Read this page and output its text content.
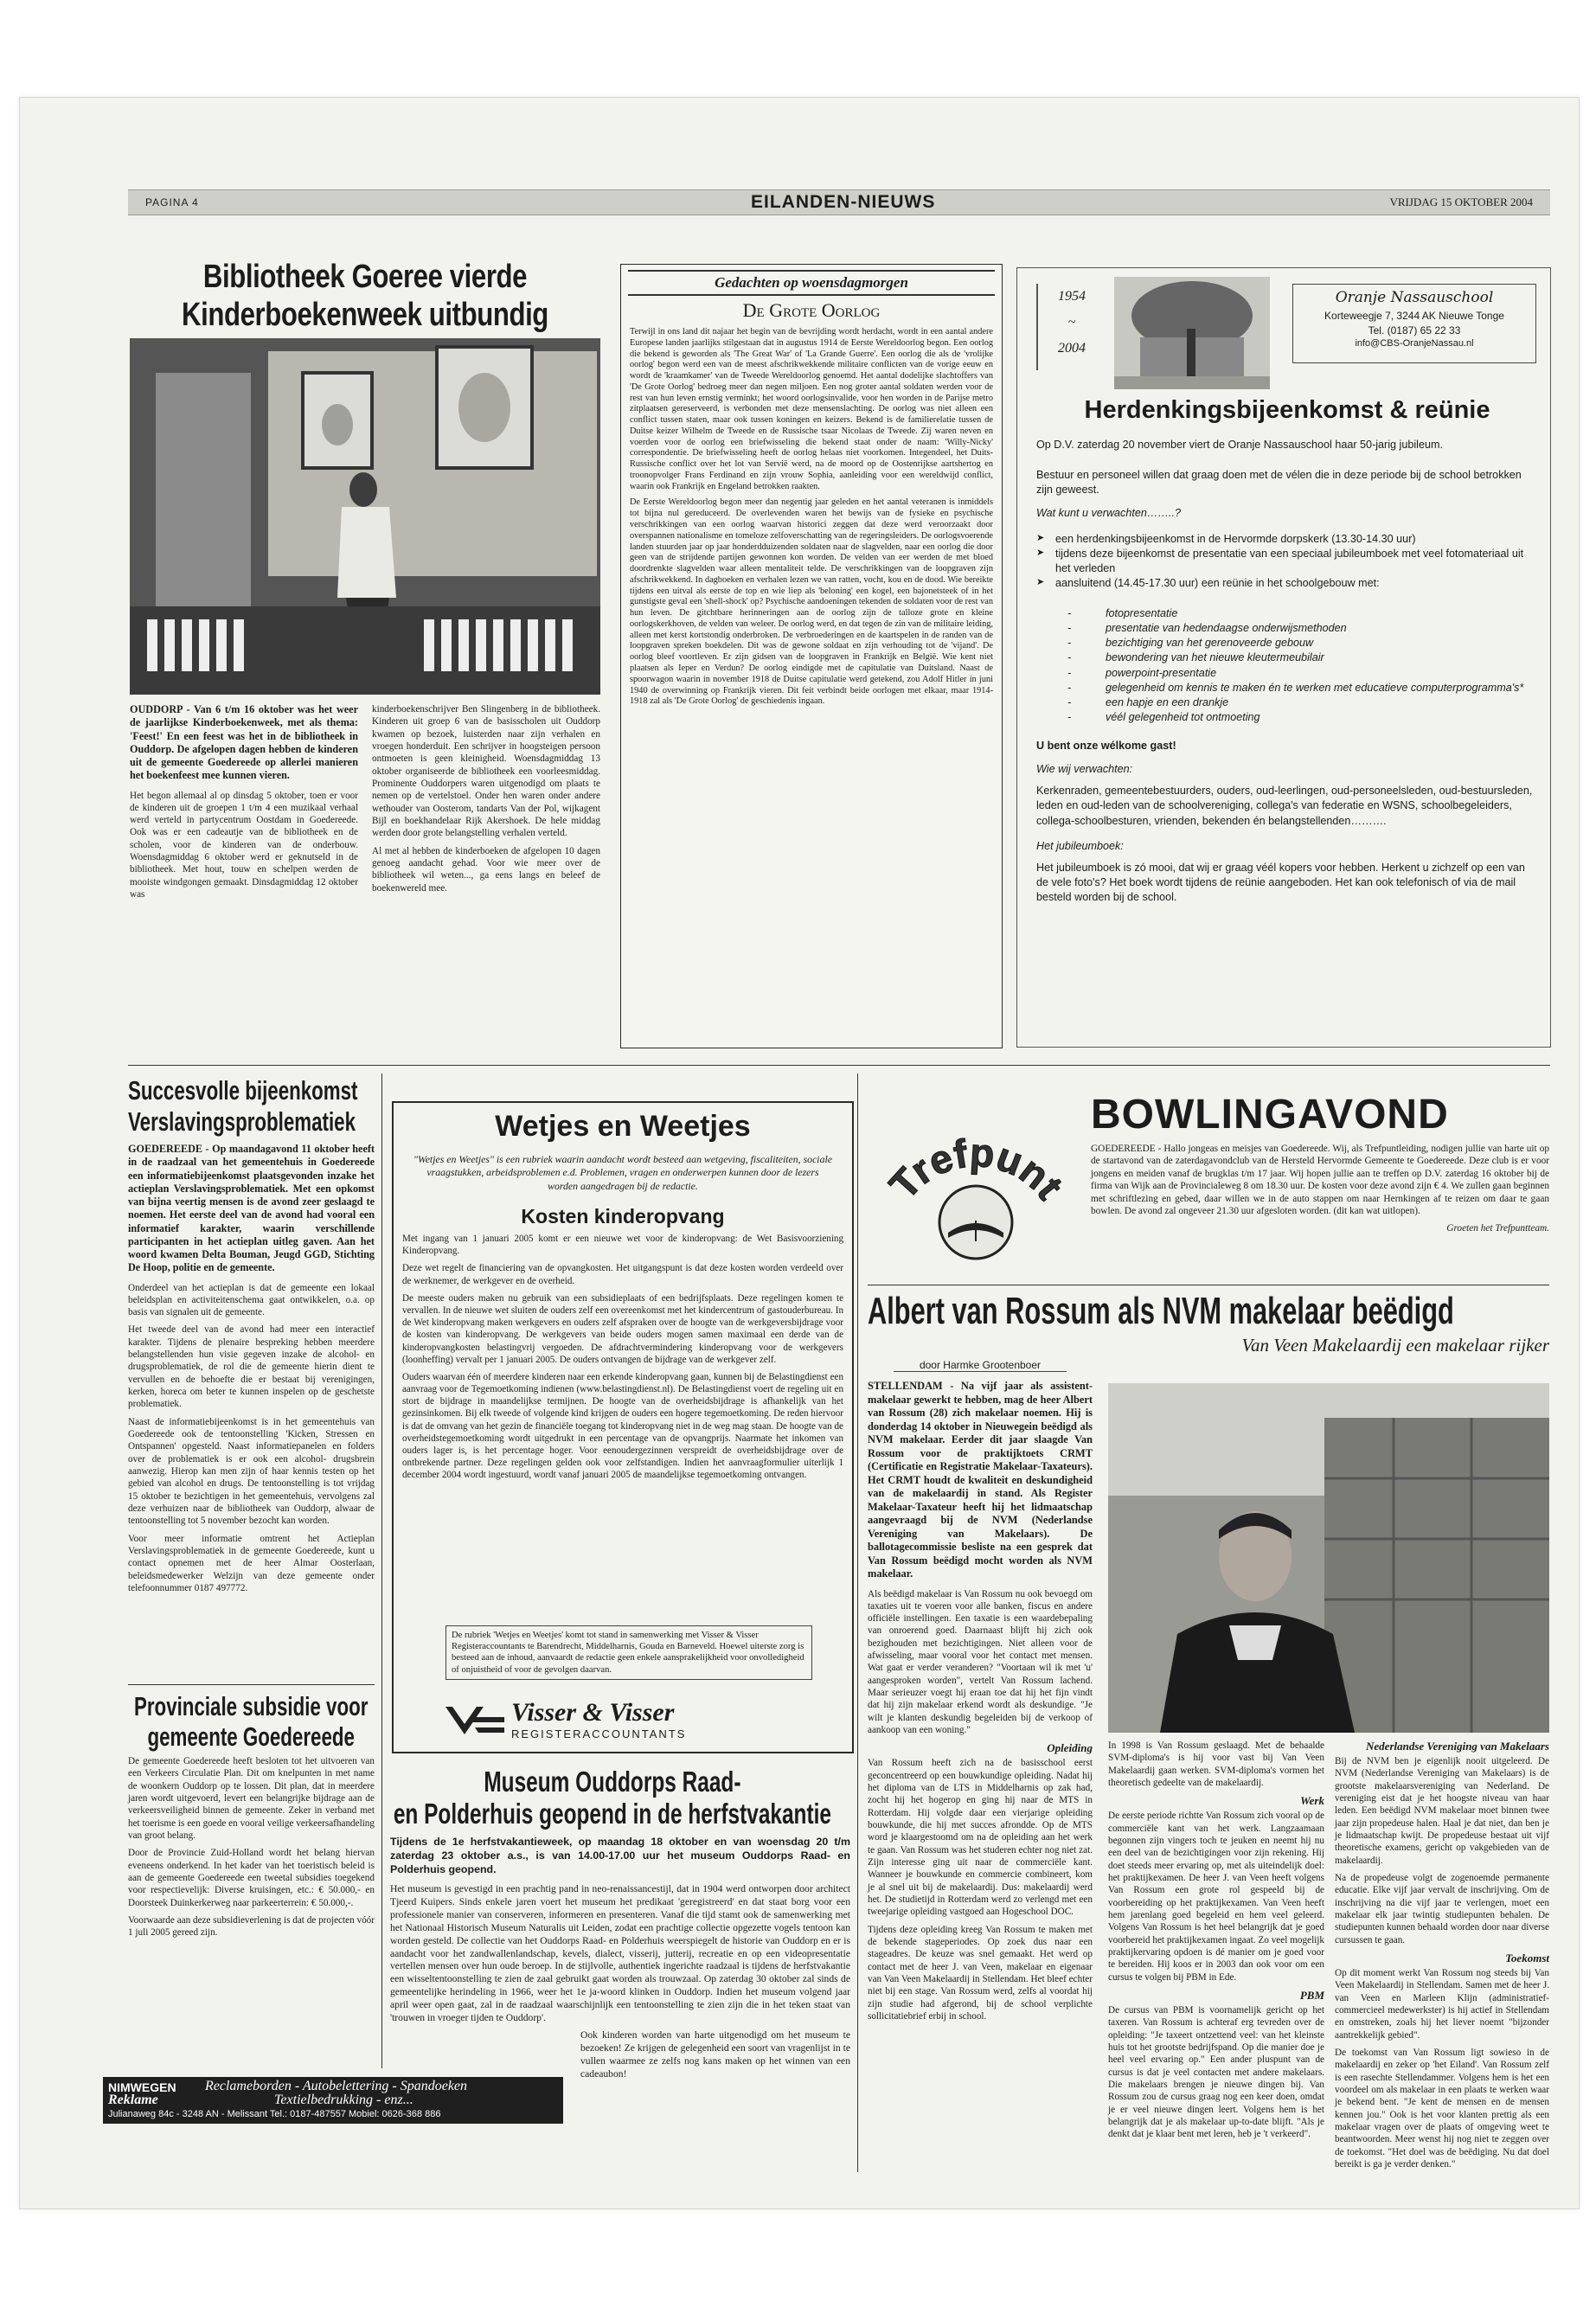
PAGINA 4	EILANDEN-NIEUWS	VRIJDAG 15 OKTOBER 2004
Bibliotheek Goeree vierde
Kinderboekenweek uitbundig

OUDDORP - Van 6 t/m 16 oktober was het weer de jaarlijkse Kinderboekenweek, met als thema: 'Feest!' En een feest was het in de bibliotheek in Ouddorp. De afgelopen dagen hebben de kinderen uit de gemeente Goedereede op allerlei manieren het boekenfeest mee kunnen vieren.

Het begon allemaal al op dinsdag 5 oktober, toen er voor de kinderen uit de groepen 1 t/m 4 een muzikaal verhaal werd verteld in partycentrum Oostdam in Goedereede. Ook was er een cadeautje van de bibliotheek en de scholen, voor de kinderen van de onderbouw. Woensdagmiddag 6 oktober werd er geknutseld in de bibliotheek. Met hout, touw en schelpen werden de mooiste windgongen gemaakt. Dinsdagmiddag 12 oktober was

kinderboekenschrijver Ben Slingenberg in de bibliotheek. Kinderen uit groep 6 van de basisscholen uit Ouddorp kwamen op bezoek, luisterden naar zijn verhalen en vroegen honderduit. Een schrijver in hoogsteigen persoon ontmoeten is geen kleinigheid. Woensdagmiddag 13 oktober organiseerde de bibliotheek een voorleesmiddag. Prominente Ouddorpers waren uitgenodigd om plaats te nemen op de vertelstoel. Onder hen waren onder andere wethouder van Oosterom, tandarts Van der Pol, wijkagent Bijl en boekhandelaar Rijk Akershoek. De hele middag werden door grote belangstelling verhalen verteld.

Al met al hebben de kinderboeken de afgelopen 10 dagen genoeg aandacht gehad. Voor wie meer over de bibliotheek wil weten..., ga eens langs en beleef de boekenwereld mee.

Gedachten op woensdagmorgen
De Grote Oorlog

Terwijl in ons land dit najaar het begin van de bevrijding wordt herdacht, wordt in een aantal andere Europese landen jaarlijks stilgestaan dat in augustus 1914 de Eerste Wereldoorlog begon. Een oorlog die bekend is geworden als 'The Great War' of 'La Grande Guerre'. Een oorlog die als de 'vrolijke oorlog' begon werd een van de meest afschrikwekkende militaire conflicten van de vorige eeuw en wordt de 'kraamkamer' van de Tweede Wereldoorlog genoemd. Het aantal dodelijke slachtoffers van 'De Grote Oorlog' bedroeg meer dan negen miljoen. Een nog groter aantal soldaten werden voor de rest van hun leven ernstig verminkt; het woord oorlogsinvalide, voor hen worden in de Parijse metro zitplaatsen gereserveerd, is verbonden met deze mensenslachting. De oorlog was niet alleen een conflict tussen staten, maar ook tussen koningen en keizers. Bekend is de familierelatie tussen de Duitse keizer Wilhelm de Tweede en de Russische tsaar Nicolaas de Tweede. Zij waren neven en voerden voor de oorlog een briefwisseling die bekend staat onder de naam: 'Willy-Nicky' correspondentie. De briefwisseling heeft de oorlog helaas niet voorkomen. Integendeel, het Duits-Russische conflict over het lot van Servië werd, na de moord op de Oostenrijkse aartshertog en troonopvolger Frans Ferdinand en zijn vrouw Sophia, aanleiding voor een wereldwijd conflict, waarin ook Frankrijk en Engeland betrokken raakten.

De Eerste Wereldoorlog begon meer dan negentig jaar geleden en het aantal veteranen is inmiddels tot bijna nul gereduceerd. De overlevenden waren het bewijs van de fysieke en psychische verschrikkingen van een oorlog waarvan historici zeggen dat deze werd veroorzaakt door overspannen nationalisme en tomeloze zelfoverschatting van de regeringsleiders. De oorlogsvoerende landen stuurden jaar op jaar honderdduizenden soldaten naar de slagvelden, naar een oorlog die door geen van de strijdende partijen gewonnen kon worden. De velden van eer werden de met bloed doordrenkte slagvelden waar alleen mentaliteit telde. De verschrikkingen van de loopgraven zijn afschrikwekkend. In dagboeken en verhalen lezen we van ratten, vocht, kou en de dood. Wie bereikte tijdens een uitval als eerste de top en wie liep als 'beloning' een kogel, een bajonetsteek of in het gunstigste geval een 'shell-shock' op? Psychische aandoeningen tekenden de soldaten voor de rest van hun leven. De gitchtbare herinneringen aan de oorlog zijn de talloze grote en kleine oorlogskerkhoven, de velden van weleer. De oorlog werd, en dat tegen de zin van de militaire leiding, alleen met kerst kortstondig onderbroken. De verbroederingen en de kaartspelen in de randen van de loopgraven spreken boekdelen. Dit was de gewone soldaat en zijn verhouding tot de 'vijand'. De oorlog bleef voortleven. Er zijn gidsen van de loopgraven in Frankrijk en België. Wie kent niet plaatsen als Ieper en Verdun? De oorlog eindigde met de capitulatie van Duitsland. Naast de spoorwagon waarin in november 1918 de Duitse capitulatie werd getekend, zou Adolf Hitler in juni 1940 de overwinning op Frankrijk vieren. Dit feit verbindt beide oorlogen met elkaar, maar 1914-1918 zal als 'De Grote Oorlog' de geschiedenis ingaan.

1954
~
2004
Oranje Nassauschool
Korteweegje 7, 3244 AK Nieuwe Tonge
Tel. (0187) 65 22 33
info@CBS-OranjeNassau.nl
Herdenkingsbijeenkomst & reünie

Op D.V. zaterdag 20 november viert de Oranje Nassauschool haar 50-jarig jubileum.

Bestuur en personeel willen dat graag doen met de vélen die in deze periode bij de school betrokken zijn geweest.

Wat kunt u verwachten……..?

➤ een herdenkingsbijeenkomst in de Hervormde dorpskerk (13.30-14.30 uur)
➤ tijdens deze bijeenkomst de presentatie van een speciaal jubileumboek met veel fotomateriaal uit het verleden
➤ aansluitend (14.45-17.30 uur) een reünie in het schoolgebouw met:
- fotopresentatie
- presentatie van hedendaagse onderwijsmethoden
- bezichtiging van het gerenoveerde gebouw
- bewondering van het nieuwe kleutermeubilair
- powerpoint-presentatie
- gelegenheid om kennis te maken én te werken met educatieve computerprogramma's*
- een hapje en een drankje
- véél gelegenheid tot ontmoeting

U bent onze wélkome gast!

Wie wij verwachten:

Kerkenraden, gemeentebestuurders, ouders, oud-leerlingen, oud-personeelsleden, oud-bestuursleden, leden en oud-leden van de schoolvereniging, collega's van federatie en WSNS, schoolbegeleiders, collega-schoolbesturen, vrienden, bekenden én belangstellenden……….

Het jubileumboek:

Het jubileumboek is zó mooi, dat wij er graag véél kopers voor hebben. Herkent u zichzelf op een van de vele foto's? Het boek wordt tijdens de reünie aangeboden. Het kan ook telefonisch of via de mail besteld worden bij de school.

Succesvolle bijeenkomst
Verslavingsproblematiek

GOEDEREEDE - Op maandagavond 11 oktober heeft in de raadzaal van het gemeentehuis in Goedereede een informatiebijeenkomst plaatsgevonden inzake het actieplan Verslavingsproblematiek. Met een opkomst van bijna veertig mensen is de avond zeer geslaagd te noemen. Het eerste deel van de avond had vooral een informatief karakter, waarin verschillende participanten in het actieplan uitleg gaven. Aan het woord kwamen Delta Bouman, Jeugd GGD, Stichting De Hoop, politie en de gemeente.

Onderdeel van het actieplan is dat de gemeente een lokaal beleidsplan en activiteitenschema gaat ontwikkelen, o.a. op basis van signalen uit de gemeente.

Het tweede deel van de avond had meer een interactief karakter. Tijdens de plenaire bespreking hebben meerdere belangstellenden hun visie gegeven inzake de alcohol- en drugsproblematiek, de rol die de gemeente hierin dient te vervullen en de behoefte die er bestaat bij verenigingen, kerken, horeca om beter te kunnen inspelen op de geschetste problematiek.

Naast de informatiebijeenkomst is in het gemeentehuis van Goedereede ook de tentoonstelling 'Kicken, Stressen en Ontspannen' opgesteld. Naast informatiepanelen en folders over de problematiek is er ook een alcohol- drugsbrein aanwezig. Hierop kan men zijn of haar kennis testen op het gebied van alcohol en drugs. De tentoonstelling is tot vrijdag 15 oktober te bezichtigen in het gemeentehuis, vervolgens zal deze verhuizen naar de bibliotheek van Ouddorp, alwaar de tentoonstelling tot 5 november bezocht kan worden.

Voor meer informatie omtrent het Actieplan Verslavingsproblematiek in de gemeente Goedereede, kunt u contact opnemen met de heer Almar Oosterlaan, beleidsmedewerker Welzijn van deze gemeente onder telefoonnummer 0187 497772.

Provinciale subsidie voor
gemeente Goedereede

De gemeente Goedereede heeft besloten tot het uitvoeren van een Verkeers Circulatie Plan. Dit om knelpunten in met name de woonkern Ouddorp op te lossen. Dit plan, dat in meerdere jaren wordt uitgevoerd, levert een belangrijke bijdrage aan de verkeersveiligheid binnen de gemeente. Zeker in verband met het toerisme is een goede en vooral veilige verkeersafhandeling van groot belang.

Door de Provincie Zuid-Holland wordt het belang hiervan eveneens onderkend. In het kader van het toeristisch beleid is aan de gemeente Goedereede een tweetal subsidies toegekend voor respectievelijk: Diverse kruisingen, etc.: € 50.000,- en Doorsteek Duinkerkerweg naar parkeerterrein: € 50.000,-.

Voorwaarde aan deze subsidieverlening is dat de projecten vóór 1 juli 2005 gereed zijn.

NIMWEGEN
Reklame
Reclameborden - Autobelettering - Spandoeken
Textielbedrukking - enz...
Julianaweg 84c - 3248 AN - Melissant Tel.: 0187-487557 Mobiel: 0626-368 886
Wetjes en Weetjes
"Wetjes en Weetjes" is een rubriek waarin aandacht wordt besteed aan wetgeving, fiscaliteiten, sociale vraagstukken, arbeidsproblemen e.d. Problemen, vragen en onderwerpen kunnen door de lezers worden aangedragen bij de redactie.
Kosten kinderopvang

Met ingang van 1 januari 2005 komt er een nieuwe wet voor de kinderopvang: de Wet Basisvoorziening Kinderopvang.

Deze wet regelt de financiering van de opvangkosten. Het uitgangspunt is dat deze kosten worden verdeeld over de werknemer, de werkgever en de overheid.

De meeste ouders maken nu gebruik van een subsidieplaats of een bedrijfsplaats. Deze regelingen komen te vervallen. In de nieuwe wet sluiten de ouders zelf een overeenkomst met het kindercentrum of gastouderbureau. In de Wet kinderopvang maken werkgevers en ouders zelf afspraken over de hoogte van de werkgeversbijdrage voor de kosten van kinderopvang. De werkgevers van beide ouders mogen samen maximaal een derde van de kinderopvangkosten belastingvrij vergoeden. De afdrachtvermindering kinderopvang voor de werkgevers (loonheffing) vervalt per 1 januari 2005. De ouders ontvangen de bijdrage van de werkgever zelf.

Ouders waarvan één of meerdere kinderen naar een erkende kinderopvang gaan, kunnen bij de Belastingdienst een aanvraag voor de Tegemoetkoming indienen (www.belastingdienst.nl). De Belastingdienst voert de regeling uit en stort de bijdrage in maandelijkse termijnen. De hoogte van de overheidsbijdrage is afhankelijk van het gezinsinkomen. Bij elk tweede of volgende kind krijgen de ouders een hogere tegemoetkoming. De reden hiervoor is dat de omvang van het gezin de financiële toegang tot kinderopvang niet in de weg mag staan. De hoogte van de overheidstegemoetkoming wordt uitgedrukt in een percentage van de opvangprijs. Naarmate het inkomen van ouders lager is, is het percentage hoger. Voor eenoudergezinnen verspreidt de overheidsbijdrage over de ontbrekende partner. Deze regelingen gelden ook voor zelfstandigen. Indien het aanvraagformulier uiterlijk 1 december 2004 wordt ingestuurd, wordt vanaf januari 2005 de maandelijkse tegemoetkoming ontvangen.

De rubriek 'Wetjes en Weetjes' komt tot stand in samenwerking met Visser & Visser Registeraccountants te Barendrecht, Middelharnis, Gouda en Barneveld. Hoewel uiterste zorg is besteed aan de inhoud, aanvaardt de redactie geen enkele aansprakelijkheid voor onvolledigheid of onjuistheid of voor de gevolgen daarvan.
Visser & Visser
REGISTERACCOUNTANTS
Museum Ouddorps Raad-
en Polderhuis geopend in de herfstvakantie

Tijdens de 1e herfstvakantieweek, op maandag 18 oktober en van woensdag 20 t/m zaterdag 23 oktober a.s., is van 14.00-17.00 uur het museum Ouddorps Raad- en Polderhuis geopend.

Het museum is gevestigd in een prachtig pand in neo-renaissancestijl, dat in 1904 werd ontworpen door architect Tjeerd Kuipers. Sinds enkele jaren voert het museum het predikaat 'geregistreerd' en dat staat borg voor een professionele manier van conserveren, informeren en presenteren. Vanaf die tijd stamt ook de samenwerking met het Nationaal Historisch Museum Naturalis uit Leiden, zodat een prachtige collectie opgezette vogels tentoon kan worden gesteld. De collectie van het Ouddorps Raad- en Polderhuis weerspiegelt de historie van Ouddorp en er is aandacht voor het zandwallenlandschap, kevels, dialect, visserij, jutterij, recreatie en op een videopresentatie vertellen mensen over hun oude beroep. In de stijlvolle, authentiek ingerichte raadzaal is tijdens de herfstvakantie een wisseltentoonstelling te zien de zaal gebruikt gaat worden als trouwzaal. Op zaterdag 30 oktober zal sinds de gemeentelijke herindeling in 1966, weer het 1e ja-woord klinken in Ouddorp. Indien het museum volgend jaar april weer open gaat, zal in de raadzaal waarschijnlijk een tentoonstelling te zien zijn die in het teken staat van 'trouwen in vroeger tijden te Ouddorp'.

Ook kinderen worden van harte uitgenodigd om het museum te bezoeken! Ze krijgen de gelegenheid een soort van vragenlijst in te vullen waarmee ze zelfs nog kans maken op het winnen van een cadeaubon!

Trefpunt
BOWLINGAVOND

GOEDEREEDE - Hallo jongeas en meisjes van Goedereede. Wij, als Trefpuntleiding, nodigen jullie van harte uit op de startavond van de zaterdagavondclub van de Hersteld Hervormde Gemeente te Goedereede. Deze club is er voor jongens en meiden vanaf de brugklas t/m 17 jaar. Wij hopen jullie aan te treffen op D.V. zaterdag 16 oktober bij de firma van Wijk aan de Provincialeweg 8 om 18.30 uur. De kosten voor deze avond zijn € 4. We zullen gaan beginnen met schriftlezing en gebed, daar willen we in de auto stappen om naar Hernkingen af te reizen om daar te gaan bowlen. De avond zal ongeveer 21.30 uur afgesloten worden. (dit kan wat uitlopen).

Groeten het Trefpuntteam.

Albert van Rossum als NVM makelaar beëdigd
Van Veen Makelaardij een makelaar rijker
door Harmke Grootenboer

STELLENDAM - Na vijf jaar als assistent-makelaar gewerkt te hebben, mag de heer Albert van Rossum (28) zich makelaar noemen. Hij is donderdag 14 oktober in Nieuwegein beëdigd als NVM makelaar. Eerder dit jaar slaagde Van Rossum voor de praktijktoets CRMT (Certificatie en Registratie Makelaar-Taxateurs). Het CRMT houdt de kwaliteit en deskundigheid van de makelaardij in stand. Als Register Makelaar-Taxateur heeft hij het lidmaatschap aangevraagd bij de NVM (Nederlandse Vereniging van Makelaars). De ballotagecommissie besliste na een gesprek dat Van Rossum beëdigd mocht worden als NVM makelaar.

Als beëdigd makelaar is Van Rossum nu ook bevoegd om taxaties uit te voeren voor alle banken, fiscus en andere officiële instellingen. Een taxatie is een waardebepaling van onroerend goed. Daarnaast blijft hij zich ook bezighouden met bezichtigingen. Niet alleen voor de afwisseling, maar vooral voor het contact met mensen. Wat gaat er verder veranderen? "Voortaan wil ik met 'u' aangesproken worden", vertelt Van Rossum lachend. Maar serieuzer voegt hij eraan toe dat hij het fijn vindt dat hij zijn makelaar erkend wordt als deskundige. "Je wilt je klanten deskundig begeleiden bij de verkoop of aankoop van een woning."

Opleiding

Van Rossum heeft zich na de basisschool eerst geconcentreerd op een bouwkundige opleiding. Nadat hij het diploma van de LTS in Middelharnis op zak had, zocht hij het hogerop en ging hij naar de MTS in Rotterdam. Hij volgde daar een vierjarige opleiding bouwkunde, die hij met succes afrondde. Op de MTS word je klaargestoomd om na de opleiding aan het werk te gaan. Van Rossum was het studeren echter nog niet zat. Zijn interesse ging uit naar de commerciële kant. Wanneer je bouwkunde en commercie combineert, kom je al snel uit bij de makelaardij. Dus: makelaardij werd het. De studietijd in Rotterdam werd zo verlengd met een tweejarige opleiding vastgoed aan Hogeschool DOC.

Tijdens deze opleiding kreeg Van Rossum te maken met de bekende stageperiodes. Op zoek dus naar een stageadres. De keuze was snel gemaakt. Het werd op contact met de heer J. van Veen, makelaar en eigenaar van Van Veen Makelaardij in Stellendam. Het bleef echter niet bij een stage. Van Rossum werd, zelfs al voordat hij zijn studie had afgerond, bij de school verplichte sollicitatiebrief erbij in school.

In 1998 is Van Rossum geslaagd. Met de behaalde SVM-diploma's is hij voor vast bij Van Veen Makelaardij gaan werken. SVM-diploma's vormen het theoretisch gedeelte van de makelaardij.

Werk

De eerste periode richtte Van Rossum zich vooral op de commerciële kant van het werk. Langzaamaan begonnen zijn vingers toch te jeuken en neemt hij nu een deel van de bezichtigingen voor zijn rekening. Hij doet steeds meer ervaring op, met als uiteindelijk doel: het praktijkexamen. De heer J. van Veen heeft volgens Van Rossum een grote rol gespeeld bij de voorbereiding op het praktijkexamen. Van Veen heeft hem jarenlang goed begeleid en hem veel geleerd. Volgens Van Rossum is het heel belangrijk dat je goed voorbereid het praktijkexamen ingaat. Zo veel mogelijk praktijkervaring opdoen is dé manier om je goed voor te bereiden. Hij koos er in 2003 dan ook voor om een cursus te volgen bij PBM in Ede.

PBM

De cursus van PBM is voornamelijk gericht op het taxeren. Van Rossum is achteraf erg tevreden over de opleiding: "Je taxeert ontzettend veel: van het kleinste huis tot het grootste bedrijfspand. Op die manier doe je heel veel ervaring op." Een ander pluspunt van de cursus is dat je veel contacten met andere makelaars. Die makelaars brengen je nieuwe dingen bij. Van Rossum zou de cursus graag nog een keer doen, omdat je er veel nieuwe dingen leert. Volgens hem is het belangrijk dat je als makelaar up-to-date blijft. "Als je denkt dat je klaar bent met leren, heb je 't verkeerd".

Nederlandse Vereniging van Makelaars

Bij de NVM ben je eigenlijk nooit uitgeleerd. De NVM (Nederlandse Vereniging van Makelaars) is de grootste makelaarsvereniging van Nederland. De vereniging eist dat je het hoogste niveau van haar leden. Een beëdigd NVM makelaar moet binnen twee jaar zijn propedeuse halen. Haal je dat niet, dan ben je je lidmaatschap kwijt. De propedeuse bestaat uit vijf theoretische examens, gericht op vakgebieden van de makelaardij.

Na de propedeuse volgt de zogenoemde permanente educatie. Elke vijf jaar vervalt de inschrijving. Om de inschrijving na die vijf jaar te verlengen, moet een makelaar elk jaar twintig studiepunten behalen. De studiepunten kunnen behaald worden door naar diverse cursussen te gaan.

Toekomst

Op dit moment werkt Van Rossum nog steeds bij Van Veen Makelaardij in Stellendam. Samen met de heer J. van Veen en Marleen Klijn (administratief-commercieel medewerkster) is hij actief in Stellendam en omstreken, zoals hij het liever noemt "bijzonder aantrekkelijk gebied".

De toekomst van Van Rossum ligt sowieso in de makelaardij en zeker op 'het Eiland'. Van Rossum zelf is een rasechte Stellendammer. Volgens hem is het een voordeel om als makelaar in een plaats te werken waar je bekend bent. "Je kent de mensen en de mensen kennen jou." Ook is het voor klanten prettig als een makelaar vragen over de plaats of omgeving weet te beantwoorden. Meer wenst hij nog niet te zeggen over de toekomst. "Het doel was de beëdiging. Nu dat doel bereikt is ga je verder denken."
